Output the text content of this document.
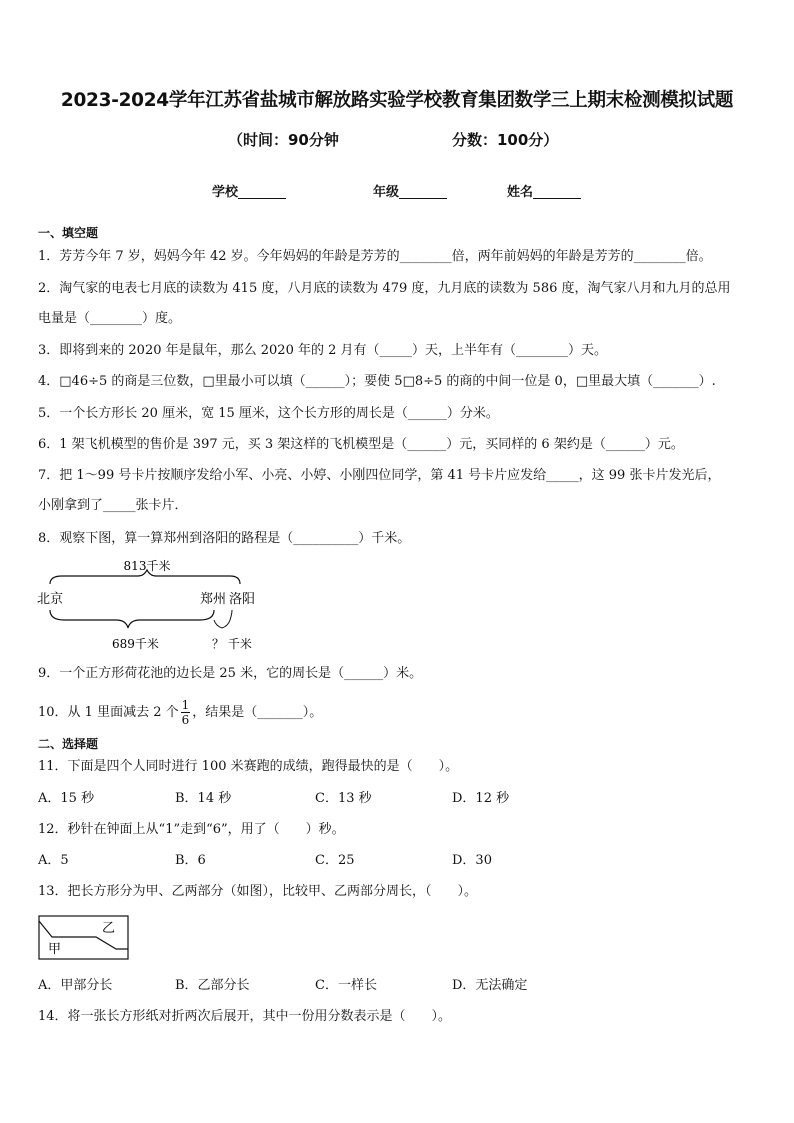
2023-2024学年江苏省盐城市解放路实验学校教育集团数学三上期末检测模拟试题
（时间：90分钟	分数：100分）
学校	年级	姓名
一、填空题
1．芳芳今年 7 岁，妈妈今年 42 岁。今年妈妈的年龄是芳芳的________倍，两年前妈妈的年龄是芳芳的________倍。
2．淘气家的电表七月底的读数为 415 度，八月底的读数为 479 度，九月底的读数为 586 度，淘气家八月和九月的总用
电量是（________）度。
3．即将到来的 2020 年是鼠年，那么 2020 年的 2 月有（_____）天，上半年有（________）天。
4．□46÷5 的商是三位数，□里最小可以填（______）；要使 5□8÷5 的商的中间一位是 0，□里最大填（_______）.
5．一个长方形长 20 厘米，宽 15 厘米，这个长方形的周长是（______）分米。
6．1 架飞机模型的售价是 397 元，买 3 架这样的飞机模型是（______）元，买同样的 6 架约是（______）元。
7．把 1～99 号卡片按顺序发给小军、小亮、小婷、小刚四位同学，第 41 号卡片应发给_____，这 99 张卡片发光后，
小刚拿到了_____张卡片．
8．观察下图，算一算郑州到洛阳的路程是（__________）千米。
813千米
北京	郑州 洛阳
689千米	？ 千米
9．一个正方形荷花池的边长是 25 米，它的周长是（______）米。
10．从 1 里面减去 2 个 $\frac{1}{6}$ ，结果是（_______）。
二、选择题
11．下面是四个人同时进行 100 米赛跑的成绩，跑得最快的是（　　）。
A．15 秒	B．14 秒	C．13 秒	D．12 秒
12．秒针在钟面上从“1”走到“6”，用了（　　）秒。
A．5	B．6	C．25	D．30
13．把长方形分为甲、乙两部分（如图），比较甲、乙两部分周长，（　　）。
甲
乙
A．甲部分长	B．乙部分长	C．一样长	D．无法确定
14．将一张长方形纸对折两次后展开，其中一份用分数表示是（　　）。
